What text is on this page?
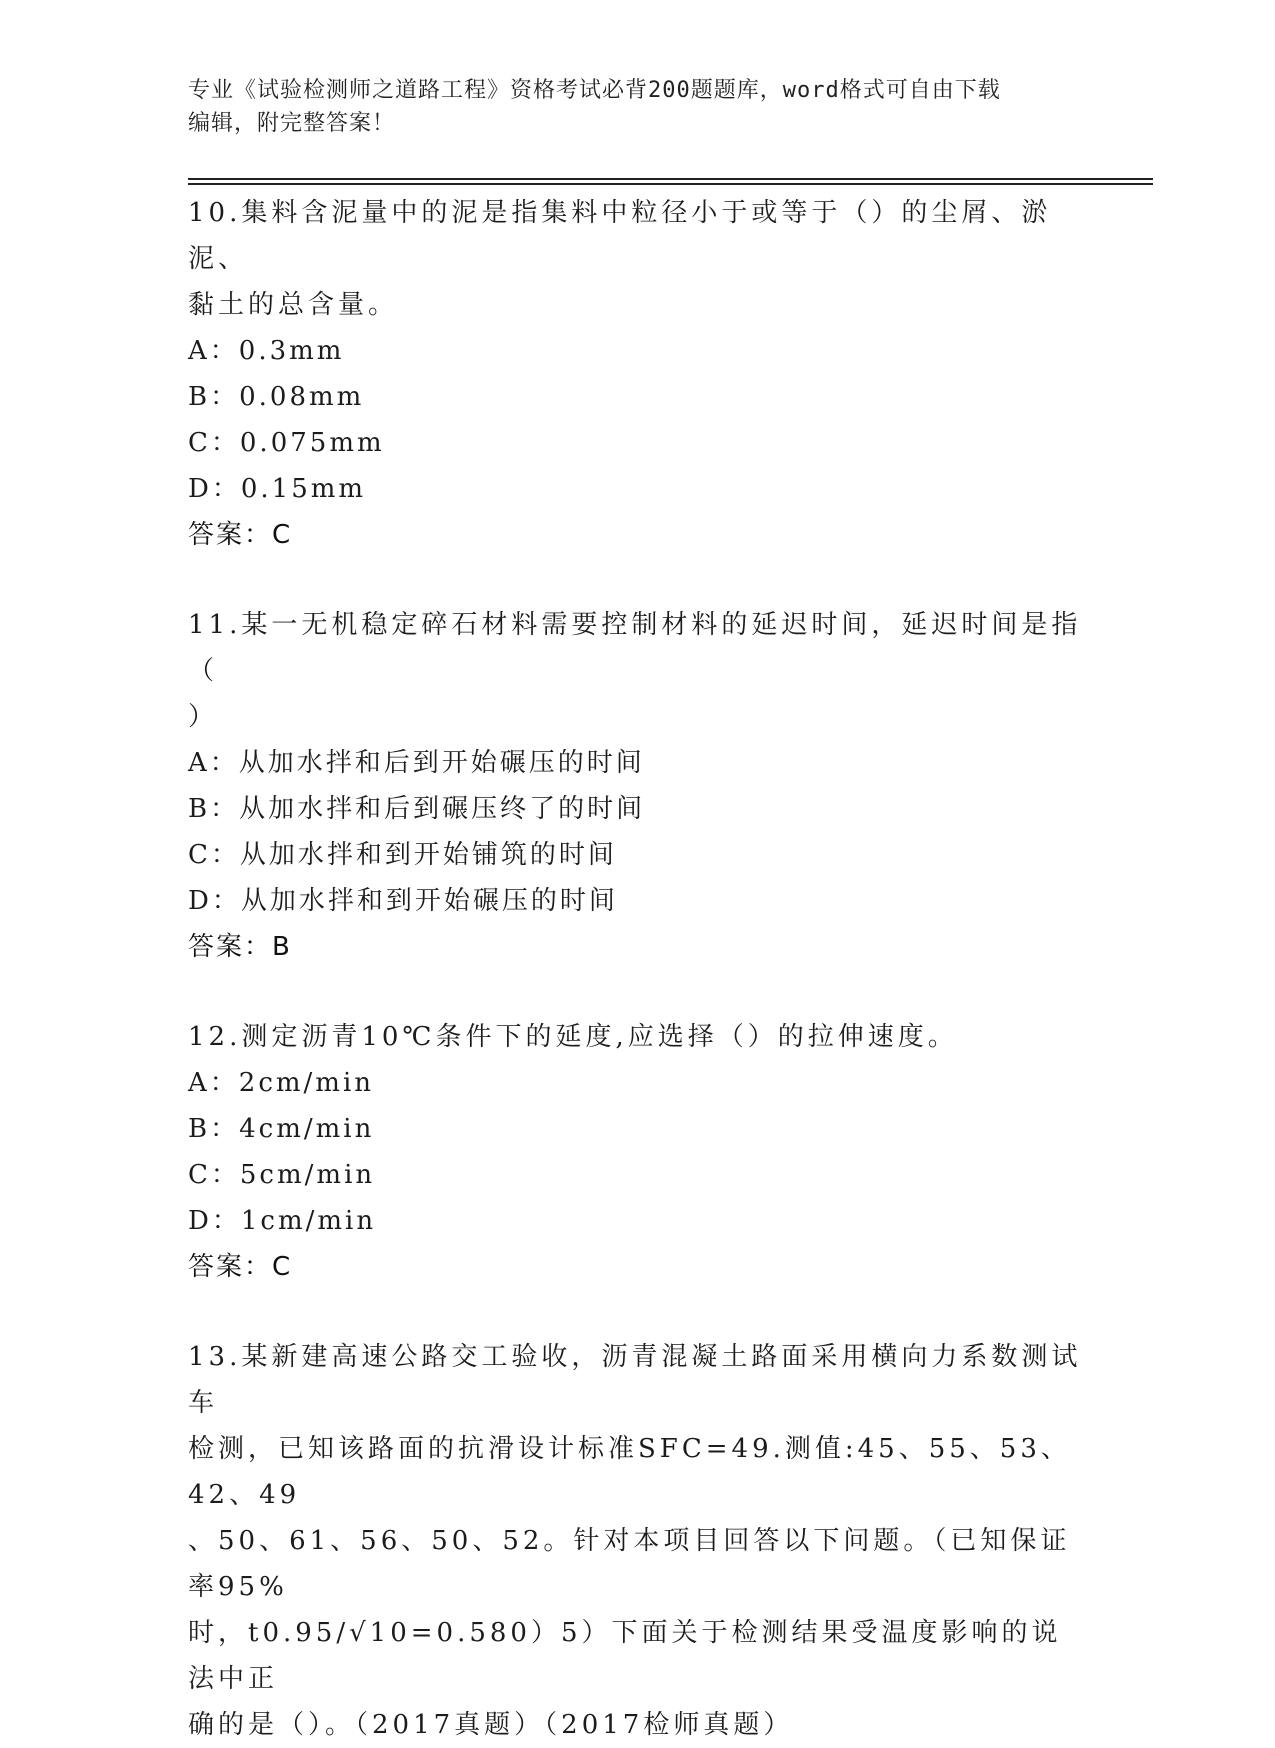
专业《试验检测师之道路工程》资格考试必背200题题库，word格式可自由下载
编辑，附完整答案！

10.集料含泥量中的泥是指集料中粒径小于或等于（）的尘屑、淤泥、

黏土的总含量。

A：0.3mm

B：0.08mm

C：0.075mm

D：0.15mm

答案：C

11.某一无机稳定碎石材料需要控制材料的延迟时间，延迟时间是指（

）

A：从加水拌和后到开始碾压的时间

B：从加水拌和后到碾压终了的时间

C：从加水拌和到开始铺筑的时间

D：从加水拌和到开始碾压的时间

答案：B

12.测定沥青10℃条件下的延度,应选择（）的拉伸速度。

A：2cm/min

B：4cm/min

C：5cm/min

D：1cm/min

答案：C

13.某新建高速公路交工验收，沥青混凝土路面采用横向力系数测试车

检测，已知该路面的抗滑设计标准SFC=49.测值:45、55、53、42、49

、50、61、56、50、52。针对本项目回答以下问题。（已知保证率95%

时，t0.95/√10=0.580）5）下面关于检测结果受温度影响的说法中正

确的是（）。（2017真题）（2017检师真题）
